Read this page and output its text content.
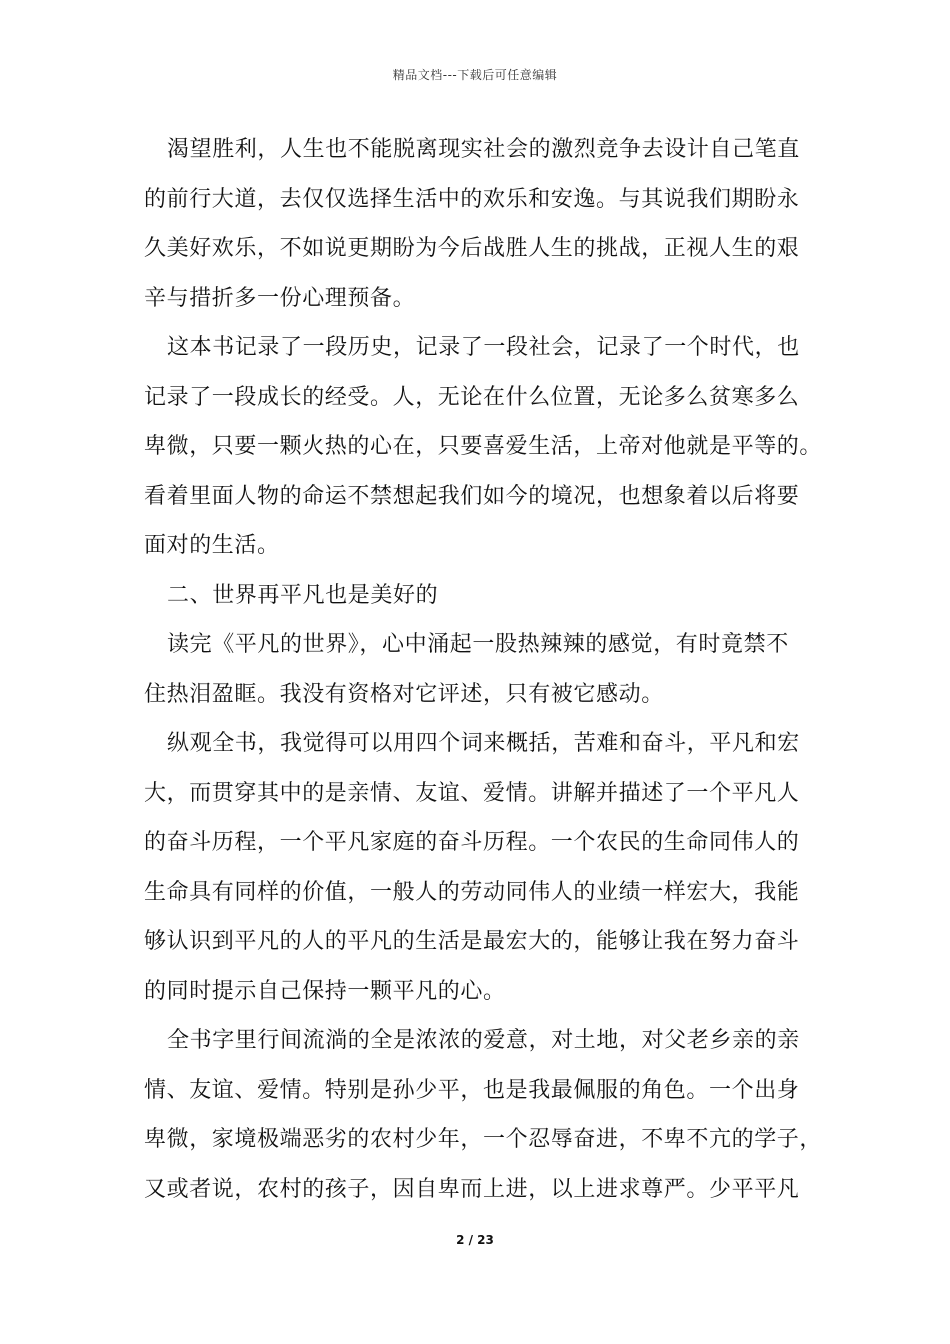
精品文档---下载后可任意编辑
渴望胜利，人生也不能脱离现实社会的激烈竞争去设计自己笔直
的前行大道，去仅仅选择生活中的欢乐和安逸。与其说我们期盼永
久美好欢乐，不如说更期盼为今后战胜人生的挑战，正视人生的艰
辛与措折多一份心理预备。
这本书记录了一段历史，记录了一段社会，记录了一个时代，也
记录了一段成长的经受。人，无论在什么位置，无论多么贫寒多么
卑微，只要一颗火热的心在，只要喜爱生活，上帝对他就是平等的。
看着里面人物的命运不禁想起我们如今的境况，也想象着以后将要
面对的生活。
二、世界再平凡也是美好的
读完《平凡的世界》，心中涌起一股热辣辣的感觉，有时竟禁不
住热泪盈眶。我没有资格对它评述，只有被它感动。
纵观全书，我觉得可以用四个词来概括，苦难和奋斗，平凡和宏
大，而贯穿其中的是亲情、友谊、爱情。讲解并描述了一个平凡人
的奋斗历程，一个平凡家庭的奋斗历程。一个农民的生命同伟人的
生命具有同样的价值，一般人的劳动同伟人的业绩一样宏大，我能
够认识到平凡的人的平凡的生活是最宏大的，能够让我在努力奋斗
的同时提示自己保持一颗平凡的心。
全书字里行间流淌的全是浓浓的爱意，对土地，对父老乡亲的亲
情、友谊、爱情。特别是孙少平，也是我最佩服的角色。一个出身
卑微，家境极端恶劣的农村少年，一个忍辱奋进，不卑不亢的学子，
又或者说，农村的孩子，因自卑而上进，以上进求尊严。少平平凡
2 / 23
